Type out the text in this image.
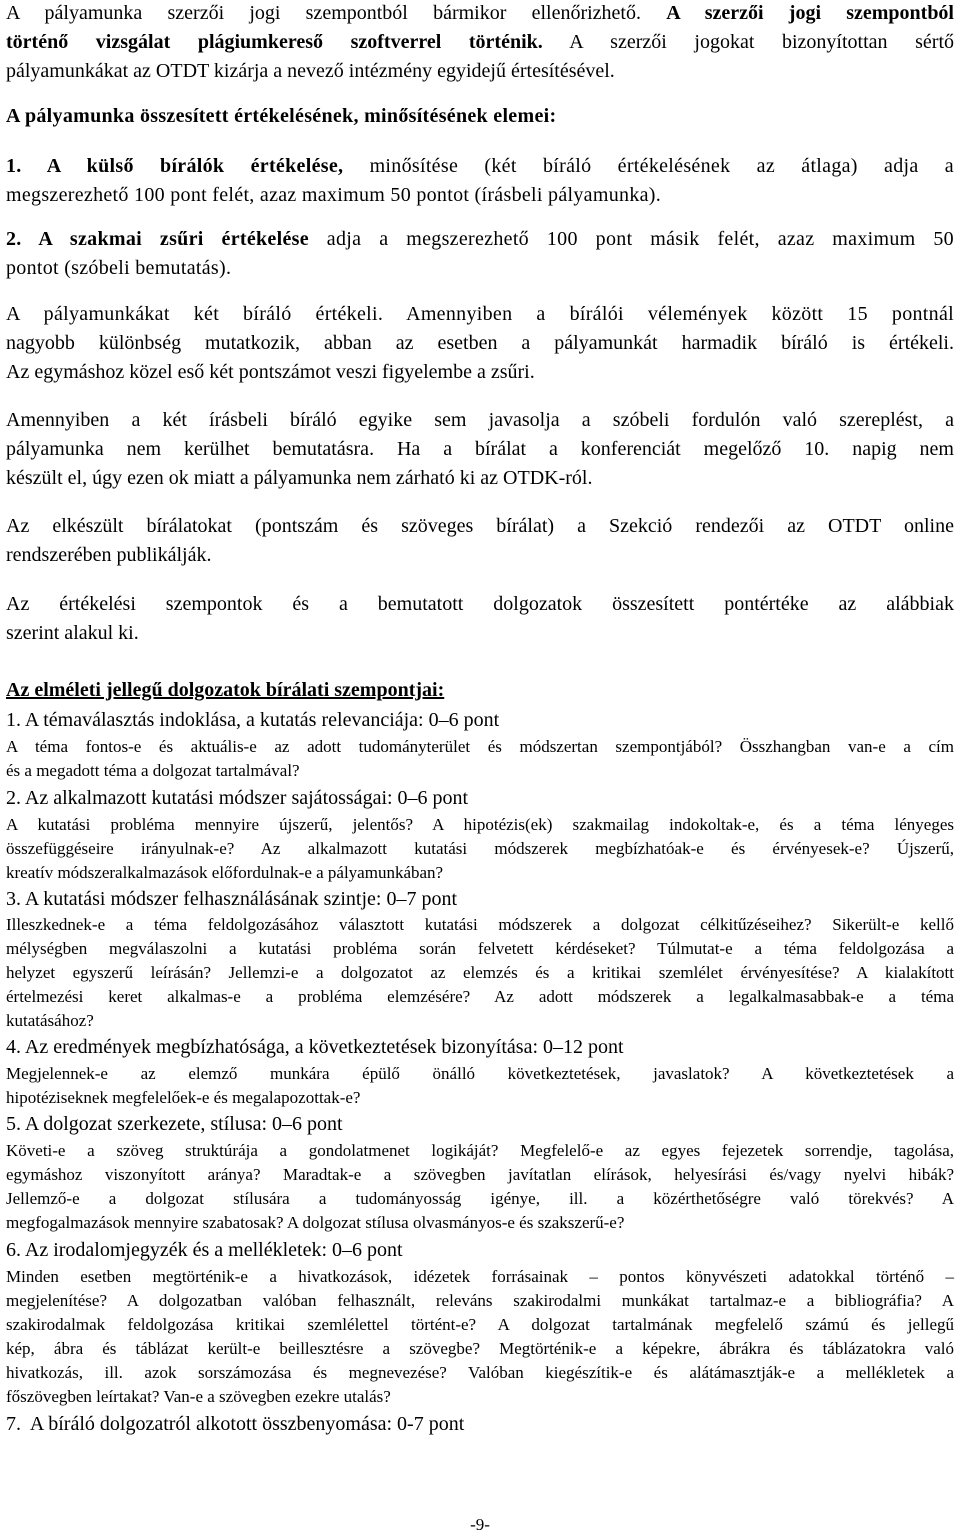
A pályamunka szerzői jogi szempontból bármikor ellenőrizhető. A szerzői jogi szempontból
történő vizsgálat plágiumkereső szoftverrel történik. A szerzői jogokat bizonyítottan sértő
pályamunkákat az OTDT kizárja a nevező intézmény egyidejű értesítésével.
A pályamunka összesített értékelésének, minősítésének elemei:
1. A külső bírálók értékelése, minősítése (két bíráló értékelésének az átlaga) adja a
megszerezhető 100 pont felét, azaz maximum 50 pontot (írásbeli pályamunka).
2. A szakmai zsűri értékelése adja a megszerezhető 100 pont másik felét, azaz maximum 50
pontot (szóbeli bemutatás).
A pályamunkákat két bíráló értékeli. Amennyiben a bírálói vélemények között 15 pontnál
nagyobb különbség mutatkozik, abban az esetben a pályamunkát harmadik bíráló is értékeli.
Az egymáshoz közel eső két pontszámot veszi figyelembe a zsűri.
Amennyiben a két írásbeli bíráló egyike sem javasolja a szóbeli fordulón való szereplést, a
pályamunka nem kerülhet bemutatásra. Ha a bírálat a konferenciát megelőző 10. napig nem
készült el, úgy ezen ok miatt a pályamunka nem zárható ki az OTDK-ról.
Az elkészült bírálatokat (pontszám és szöveges bírálat) a Szekció rendezői az OTDT online
rendszerében publikálják.
Az értékelési szempontok és a bemutatott dolgozatok összesített pontértéke az alábbiak
szerint alakul ki.
Az elméleti jellegű dolgozatok bírálati szempontjai:
1. A témaválasztás indoklása, a kutatás relevanciája: 0–6 pont
A téma fontos-e és aktuális-e az adott tudományterület és módszertan szempontjából? Összhangban van-e a cím
és a megadott téma a dolgozat tartalmával?
2. Az alkalmazott kutatási módszer sajátosságai: 0–6 pont
A kutatási probléma mennyire újszerű, jelentős? A hipotézis(ek) szakmailag indokoltak-e, és a téma lényeges
összefüggéseire irányulnak-e? Az alkalmazott kutatási módszerek megbízhatóak-e és érvényesek-e? Újszerű,
kreatív módszeralkalmazások előfordulnak-e a pályamunkában?
3. A kutatási módszer felhasználásának szintje: 0–7 pont
Illeszkednek-e a téma feldolgozásához választott kutatási módszerek a dolgozat célkitűzéseihez? Sikerült-e kellő
mélységben megválaszolni a kutatási probléma során felvetett kérdéseket? Túlmutat-e a téma feldolgozása a
helyzet egyszerű leírásán? Jellemzi-e a dolgozatot az elemzés és a kritikai szemlélet érvényesítése? A kialakított
értelmezési keret alkalmas-e a probléma elemzésére? Az adott módszerek a legalkalmasabbak-e a téma
kutatásához?
4. Az eredmények megbízhatósága, a következtetések bizonyítása: 0–12 pont
Megjelennek-e az elemző munkára épülő önálló következtetések, javaslatok? A következtetések a
hipotéziseknek megfelelőek-e és megalapozottak-e?
5. A dolgozat szerkezete, stílusa: 0–6 pont
Követi-e a szöveg struktúrája a gondolatmenet logikáját? Megfelelő-e az egyes fejezetek sorrendje, tagolása,
egymáshoz viszonyított aránya? Maradtak-e a szövegben javítatlan elírások, helyesírási és/vagy nyelvi hibák?
Jellemző-e a dolgozat stílusára a tudományosság igénye, ill. a közérthetőségre való törekvés? A
megfogalmazások mennyire szabatosak? A dolgozat stílusa olvasmányos-e és szakszerű-e?
6. Az irodalomjegyzék és a mellékletek: 0–6 pont
Minden esetben megtörténik-e a hivatkozások, idézetek forrásainak – pontos könyvészeti adatokkal történő –
megjelenítése? A dolgozatban valóban felhasznált, releváns szakirodalmi munkákat tartalmaz-e a bibliográfia? A
szakirodalmak feldolgozása kritikai szemlélettel történt-e? A dolgozat tartalmának megfelelő számú és jellegű
kép, ábra és táblázat került-e beillesztésre a szövegbe? Megtörténik-e a képekre, ábrákra és táblázatokra való
hivatkozás, ill. azok sorszámozása és megnevezése? Valóban kiegészítik-e és alátámasztják-e a mellékletek a
főszövegben leírtakat? Van-e a szövegben ezekre utalás?
7.  A bíráló dolgozatról alkotott összbenyomása: 0-7 pont
-9-
